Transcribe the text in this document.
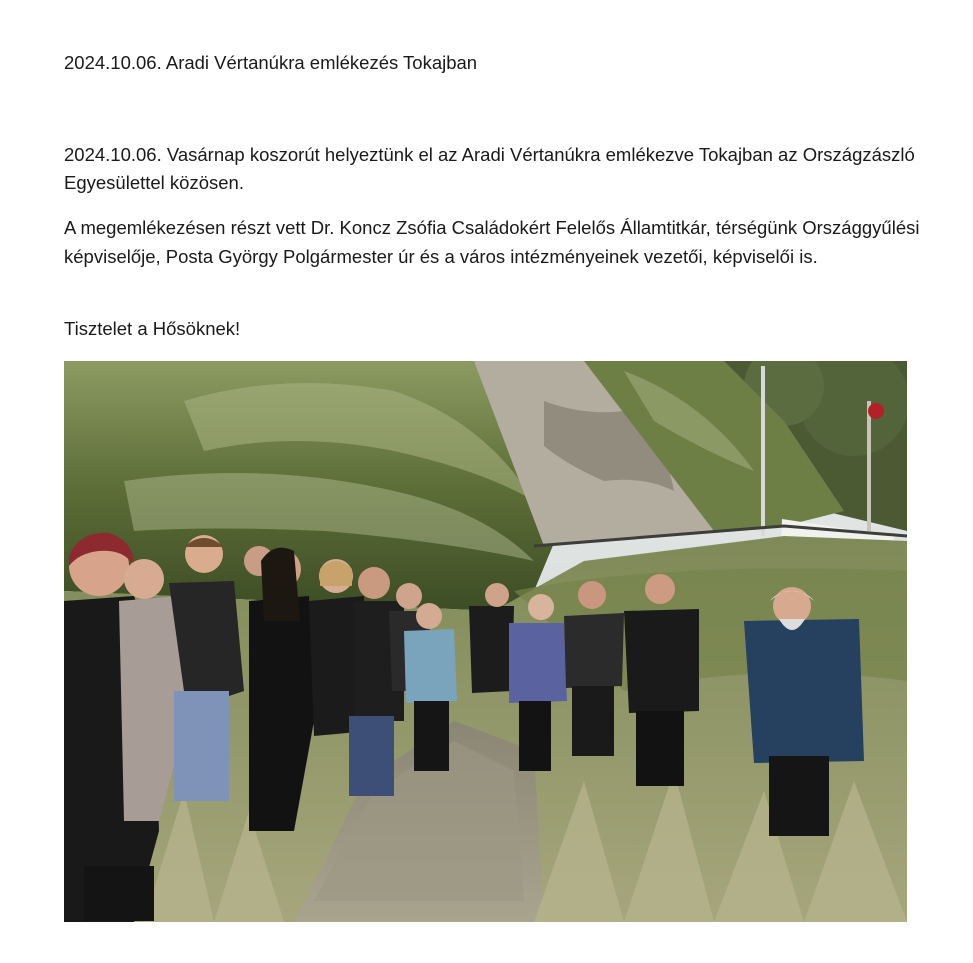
2024.10.06. Aradi Vértanúkra emlékezés Tokajban

2024.10.06. Vasárnap koszorút helyeztünk el az Aradi Vértanúkra emlékezve Tokajban az Országzászló Egyesülettel közösen.

A megemlékezésen részt vett Dr. Koncz Zsófia Családokért Felelős Államtitkár, térségünk Országgyűlési képviselője, Posta György Polgármester úr és a város intézményeinek vezetői, képviselői is.

Tisztelet a Hősöknek!
